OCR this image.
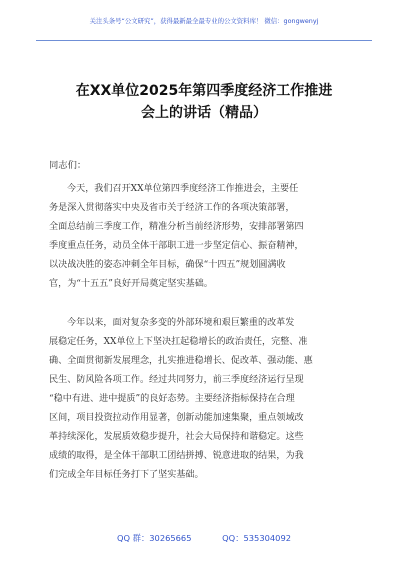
关注头条号“公文研究”，获得最新最全最专业的公文资料库！ 微信：gongwenyj
在XX单位2025年第四季度经济工作推进
会上的讲话（精品）
同志们：
今天，我们召开XX单位第四季度经济工作推进会，主要任
务是深入贯彻落实中央及省市关于经济工作的各项决策部署，
全面总结前三季度工作，精准分析当前经济形势，安排部署第四
季度重点任务，动员全体干部职工进一步坚定信心、振奋精神，
以决战决胜的姿态冲刺全年目标，确保“十四五”规划圆满收
官，为“十五五”良好开局奠定坚实基础。
今年以来，面对复杂多变的外部环境和艰巨繁重的改革发
展稳定任务，XX单位上下坚决扛起稳增长的政治责任，完整、准
确、全面贯彻新发展理念，扎实推进稳增长、促改革、强动能、惠
民生、防风险各项工作。经过共同努力，前三季度经济运行呈现
“稳中有进、进中提质”的良好态势。主要经济指标保持在合理
区间，项目投资拉动作用显著，创新动能加速集聚，重点领域改
革持续深化，发展质效稳步提升，社会大局保持和谐稳定。这些
成绩的取得，是全体干部职工团结拼搏、锐意进取的结果，为我
们完成全年目标任务打下了坚实基础。
QQ 群：30265665	QQ：535304092
